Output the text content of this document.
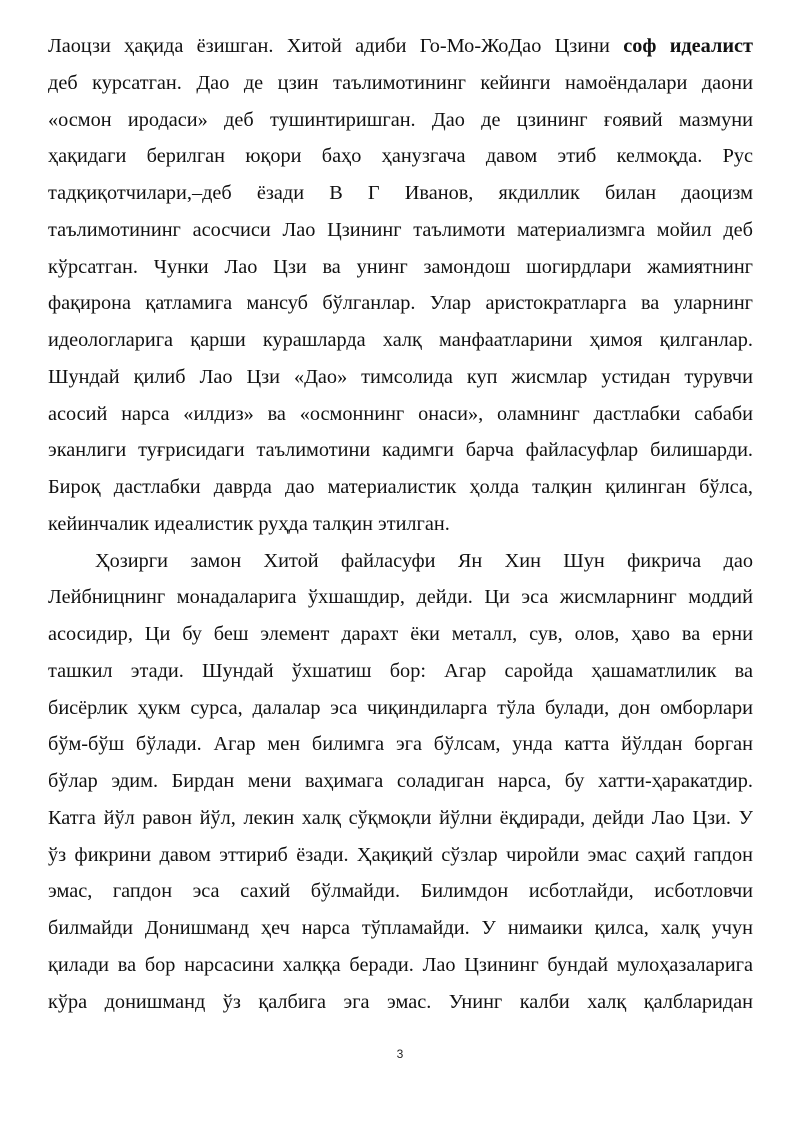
Лаоцзи ҳақида ёзишган. Хитой адиби Го-Мо-ЖоДао Цзини соф идеалист
деб курсатган. Дао де цзин таълимотининг кейинги намоёндалари даони
«осмон иродаси» деб тушинтиришган. Дао де цзининг ғоявий мазмуни
ҳақидаги берилган юқори баҳо ҳанузгача давом этиб келмоқда. Рус
тадқиқотчилари,–деб ёзади В Г Иванов, якдиллик билан даоцизм
таълимотининг асосчиси Лао Цзининг таълимоти материализмга мойил деб
кўрсатган. Чунки Лао Цзи ва унинг замондош шогирдлари жамиятнинг
фақирона қатламига мансуб бўлганлар. Улар аристократларга ва уларнинг
идеологларига қарши курашларда халқ манфаатларини ҳимоя қилганлар.
Шундай қилиб Лао Цзи «Дао» тимсолида куп жисмлар устидан турувчи
асосий нарса «илдиз» ва «осмоннинг онаси», оламнинг дастлабки сабаби
эканлиги туғрисидаги таълимотини кадимги барча файласуфлар билишарди.
Бироқ дастлабки даврда дао материалистик ҳолда талқин қилинган бўлса,
кейинчалик идеалистик руҳда талқин этилган.
Ҳозирги замон Хитой файласуфи Ян Хин Шун фикрича дао
Лейбницнинг монадаларига ўхшашдир, дейди. Ци эса жисмларнинг моддий
асосидир, Ци бу беш элемент дарахт ёки металл, сув, олов, ҳаво ва ерни
ташкил этади. Шундай ўхшатиш бор: Агар саройда ҳашаматлилик ва
бисёрлик ҳукм сурса, далалар эса чиқиндиларга тўла булади, дон омборлари
бўм-бўш бўлади. Агар мен билимга эга бўлсам, унда катта йўлдан борган
бўлар эдим. Бирдан мени ваҳимага соладиган нарса, бу хатти-ҳаракатдир.
Катга йўл равон йўл, лекин халқ сўқмоқли йўлни ёқдиради, дейди Лао Цзи. У
ўз фикрини давом эттириб ёзади. Ҳақиқий сўзлар чиройли эмас саҳий гапдон
эмас, гапдон эса сахий бўлмайди. Билимдон исботлайди, исботловчи
билмайди Донишманд ҳеч нарса тўпламайди. У нимаики қилса, халқ учун
қилади ва бор нарсасини халққа беради. Лао Цзининг бундай мулоҳазаларига
кўра донишманд ўз қалбига эга эмас. Унинг калби халқ қалбларидан
3
